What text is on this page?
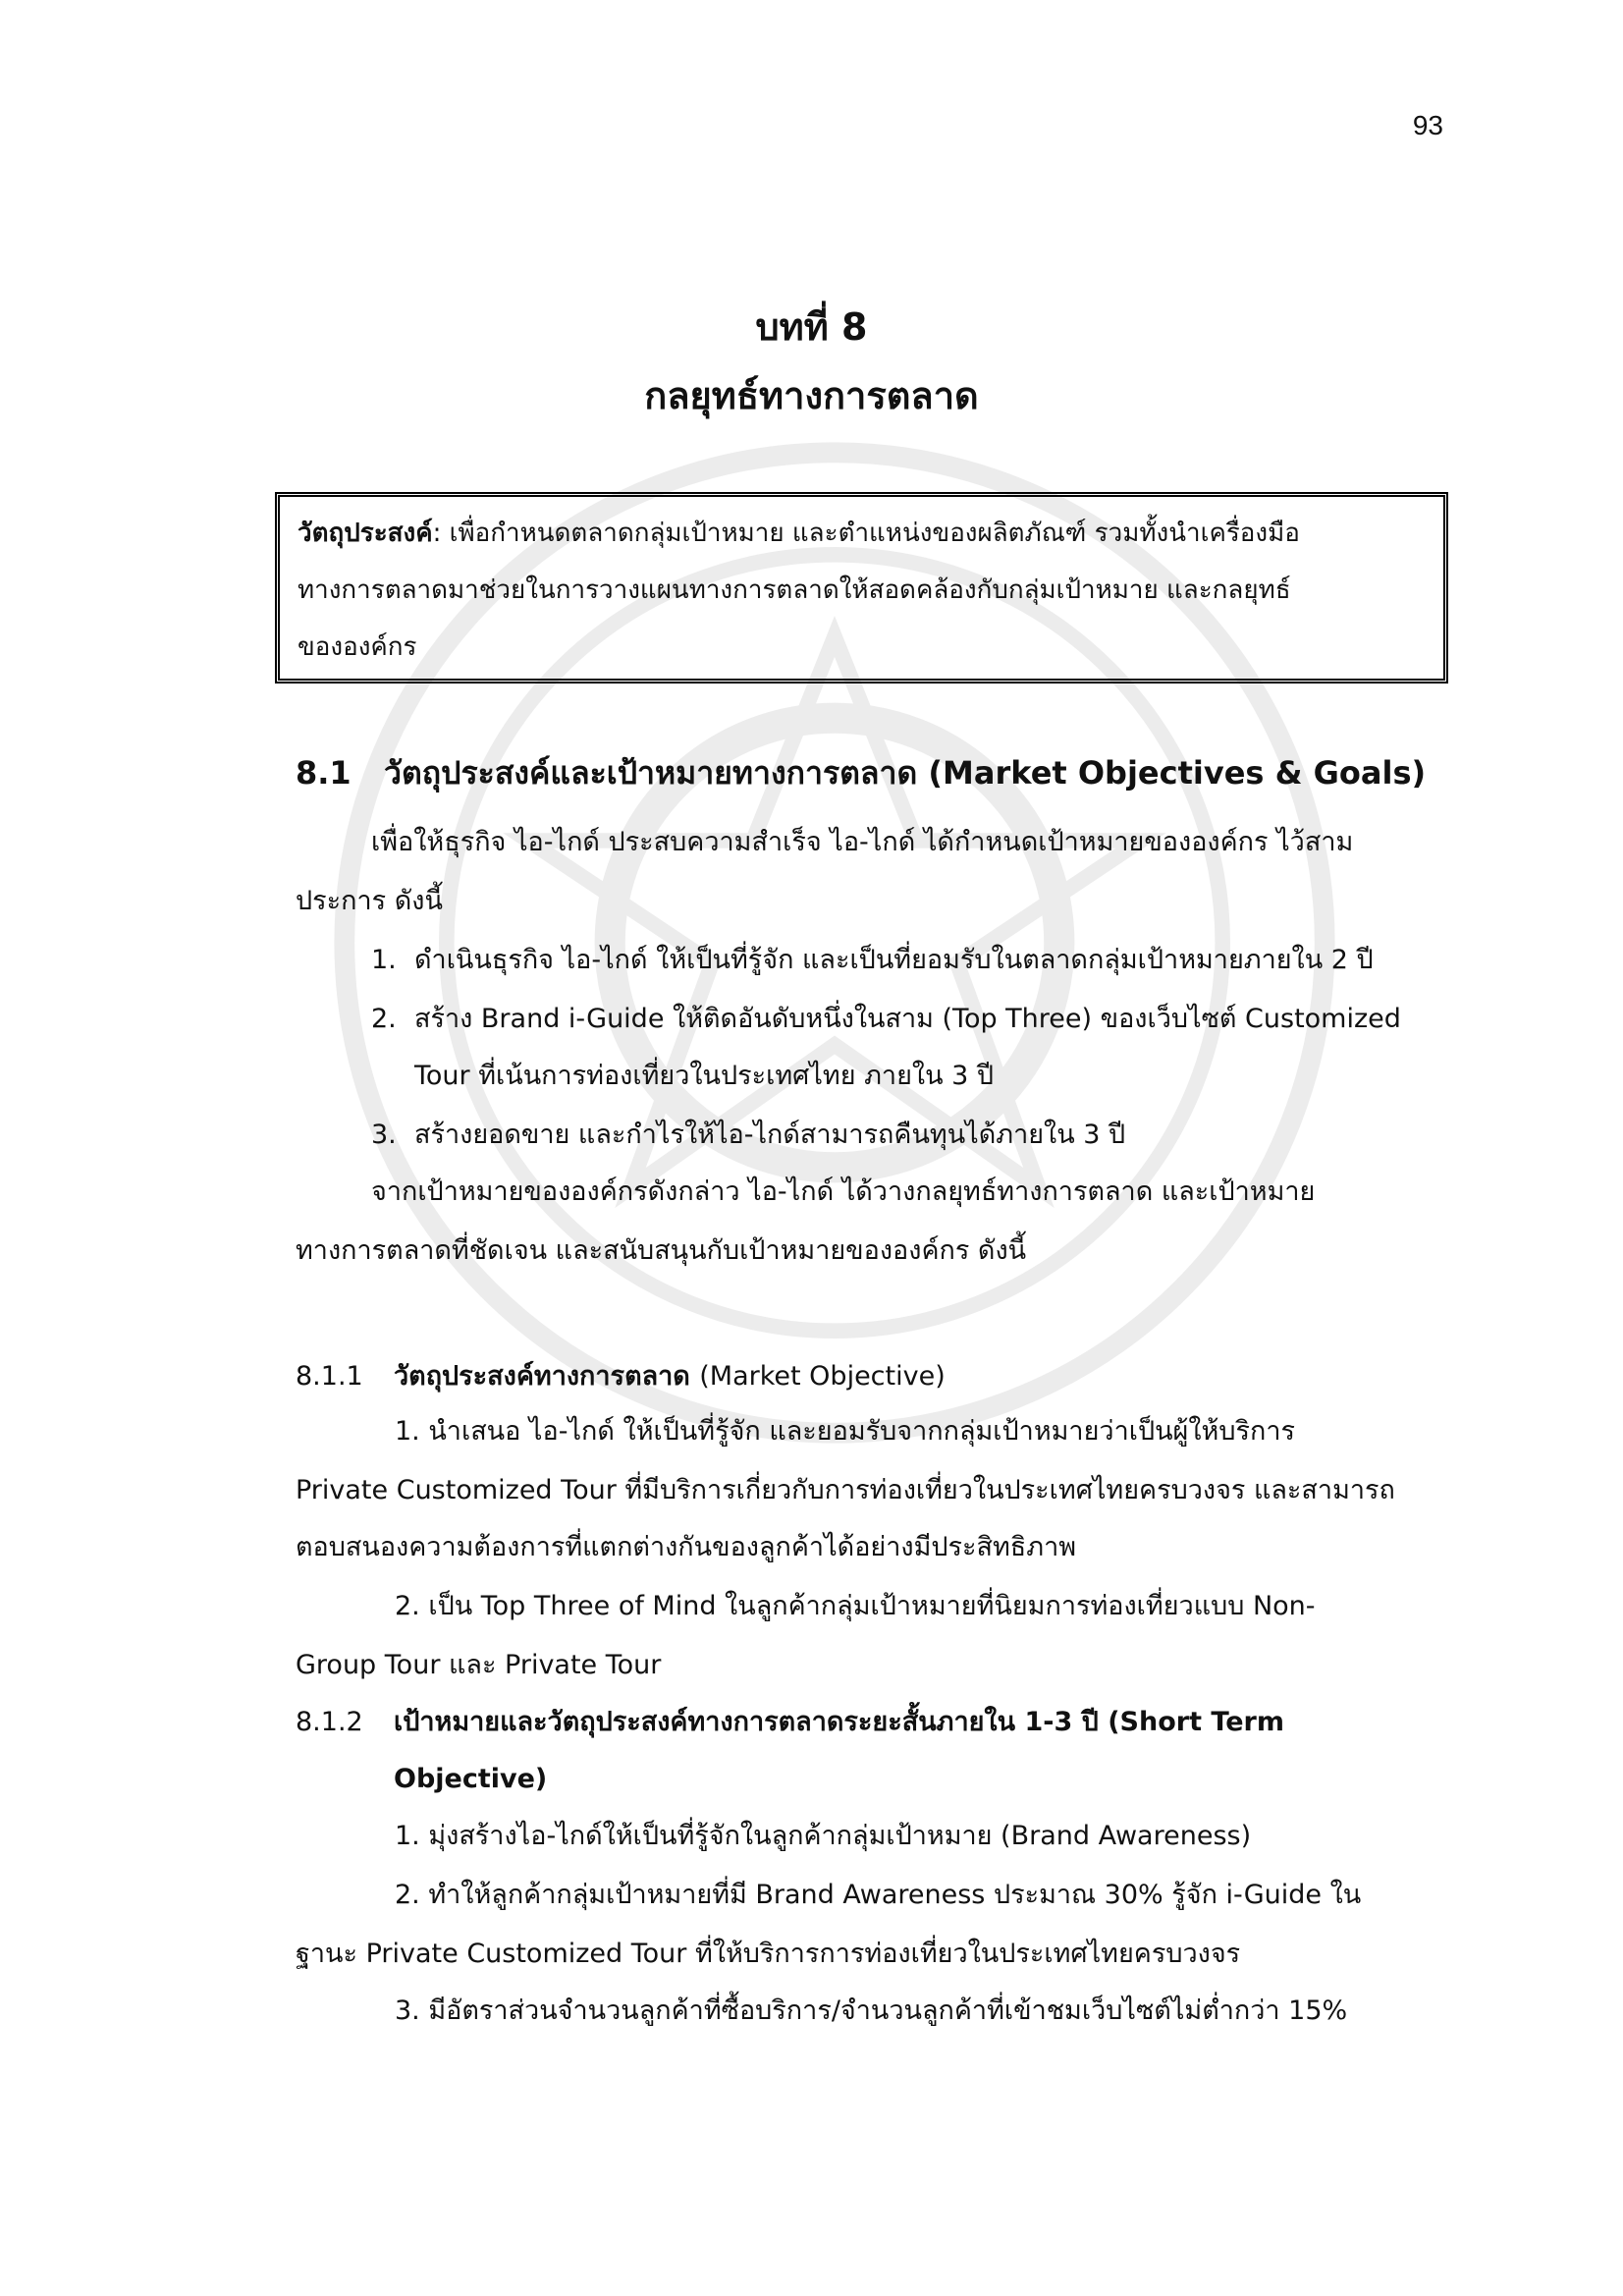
93
บทที่ 8
กลยุทธ์ทางการตลาด
วัตถุประสงค์: เพื่อกำหนดตลาดกลุ่มเป้าหมาย และตำแหน่งของผลิตภัณฑ์ รวมทั้งนำเครื่องมือ
ทางการตลาดมาช่วยในการวางแผนทางการตลาดให้สอดคล้องกับกลุ่มเป้าหมาย และกลยุทธ์
ขององค์กร
8.1 วัตถุประสงค์และเป้าหมายทางการตลาด (Market Objectives & Goals)
เพื่อให้ธุรกิจ ไอ-ไกด์ ประสบความสำเร็จ ไอ-ไกด์ ได้กำหนดเป้าหมายขององค์กร ไว้สาม
ประการ ดังนี้
1. ดำเนินธุรกิจ ไอ-ไกด์ ให้เป็นที่รู้จัก และเป็นที่ยอมรับในตลาดกลุ่มเป้าหมายภายใน 2 ปี
2. สร้าง Brand i-Guide ให้ติดอันดับหนึ่งในสาม (Top Three) ของเว็บไซต์ Customized
Tour ที่เน้นการท่องเที่ยวในประเทศไทย ภายใน 3 ปี
3. สร้างยอดขาย และกำไรให้ไอ-ไกด์สามารถคืนทุนได้ภายใน 3 ปี
จากเป้าหมายขององค์กรดังกล่าว ไอ-ไกด์ ได้วางกลยุทธ์ทางการตลาด และเป้าหมาย
ทางการตลาดที่ชัดเจน และสนับสนุนกับเป้าหมายขององค์กร ดังนี้
8.1.1 วัตถุประสงค์ทางการตลาด (Market Objective)
1. นำเสนอ ไอ-ไกด์ ให้เป็นที่รู้จัก และยอมรับจากกลุ่มเป้าหมายว่าเป็นผู้ให้บริการ
Private Customized Tour ที่มีบริการเกี่ยวกับการท่องเที่ยวในประเทศไทยครบวงจร และสามารถ
ตอบสนองความต้องการที่แตกต่างกันของลูกค้าได้อย่างมีประสิทธิภาพ
2. เป็น Top Three of Mind ในลูกค้ากลุ่มเป้าหมายที่นิยมการท่องเที่ยวแบบ Non-
Group Tour และ Private Tour
8.1.2 เป้าหมายและวัตถุประสงค์ทางการตลาดระยะสั้นภายใน 1-3 ปี (Short Term
Objective)
1. มุ่งสร้างไอ-ไกด์ให้เป็นที่รู้จักในลูกค้ากลุ่มเป้าหมาย (Brand Awareness)
2. ทำให้ลูกค้ากลุ่มเป้าหมายที่มี Brand Awareness ประมาณ 30% รู้จัก i-Guide ใน
ฐานะ Private Customized Tour ที่ให้บริการการท่องเที่ยวในประเทศไทยครบวงจร
3. มีอัตราส่วนจำนวนลูกค้าที่ซื้อบริการ/จำนวนลูกค้าที่เข้าชมเว็บไซต์ไม่ต่ำกว่า 15%
